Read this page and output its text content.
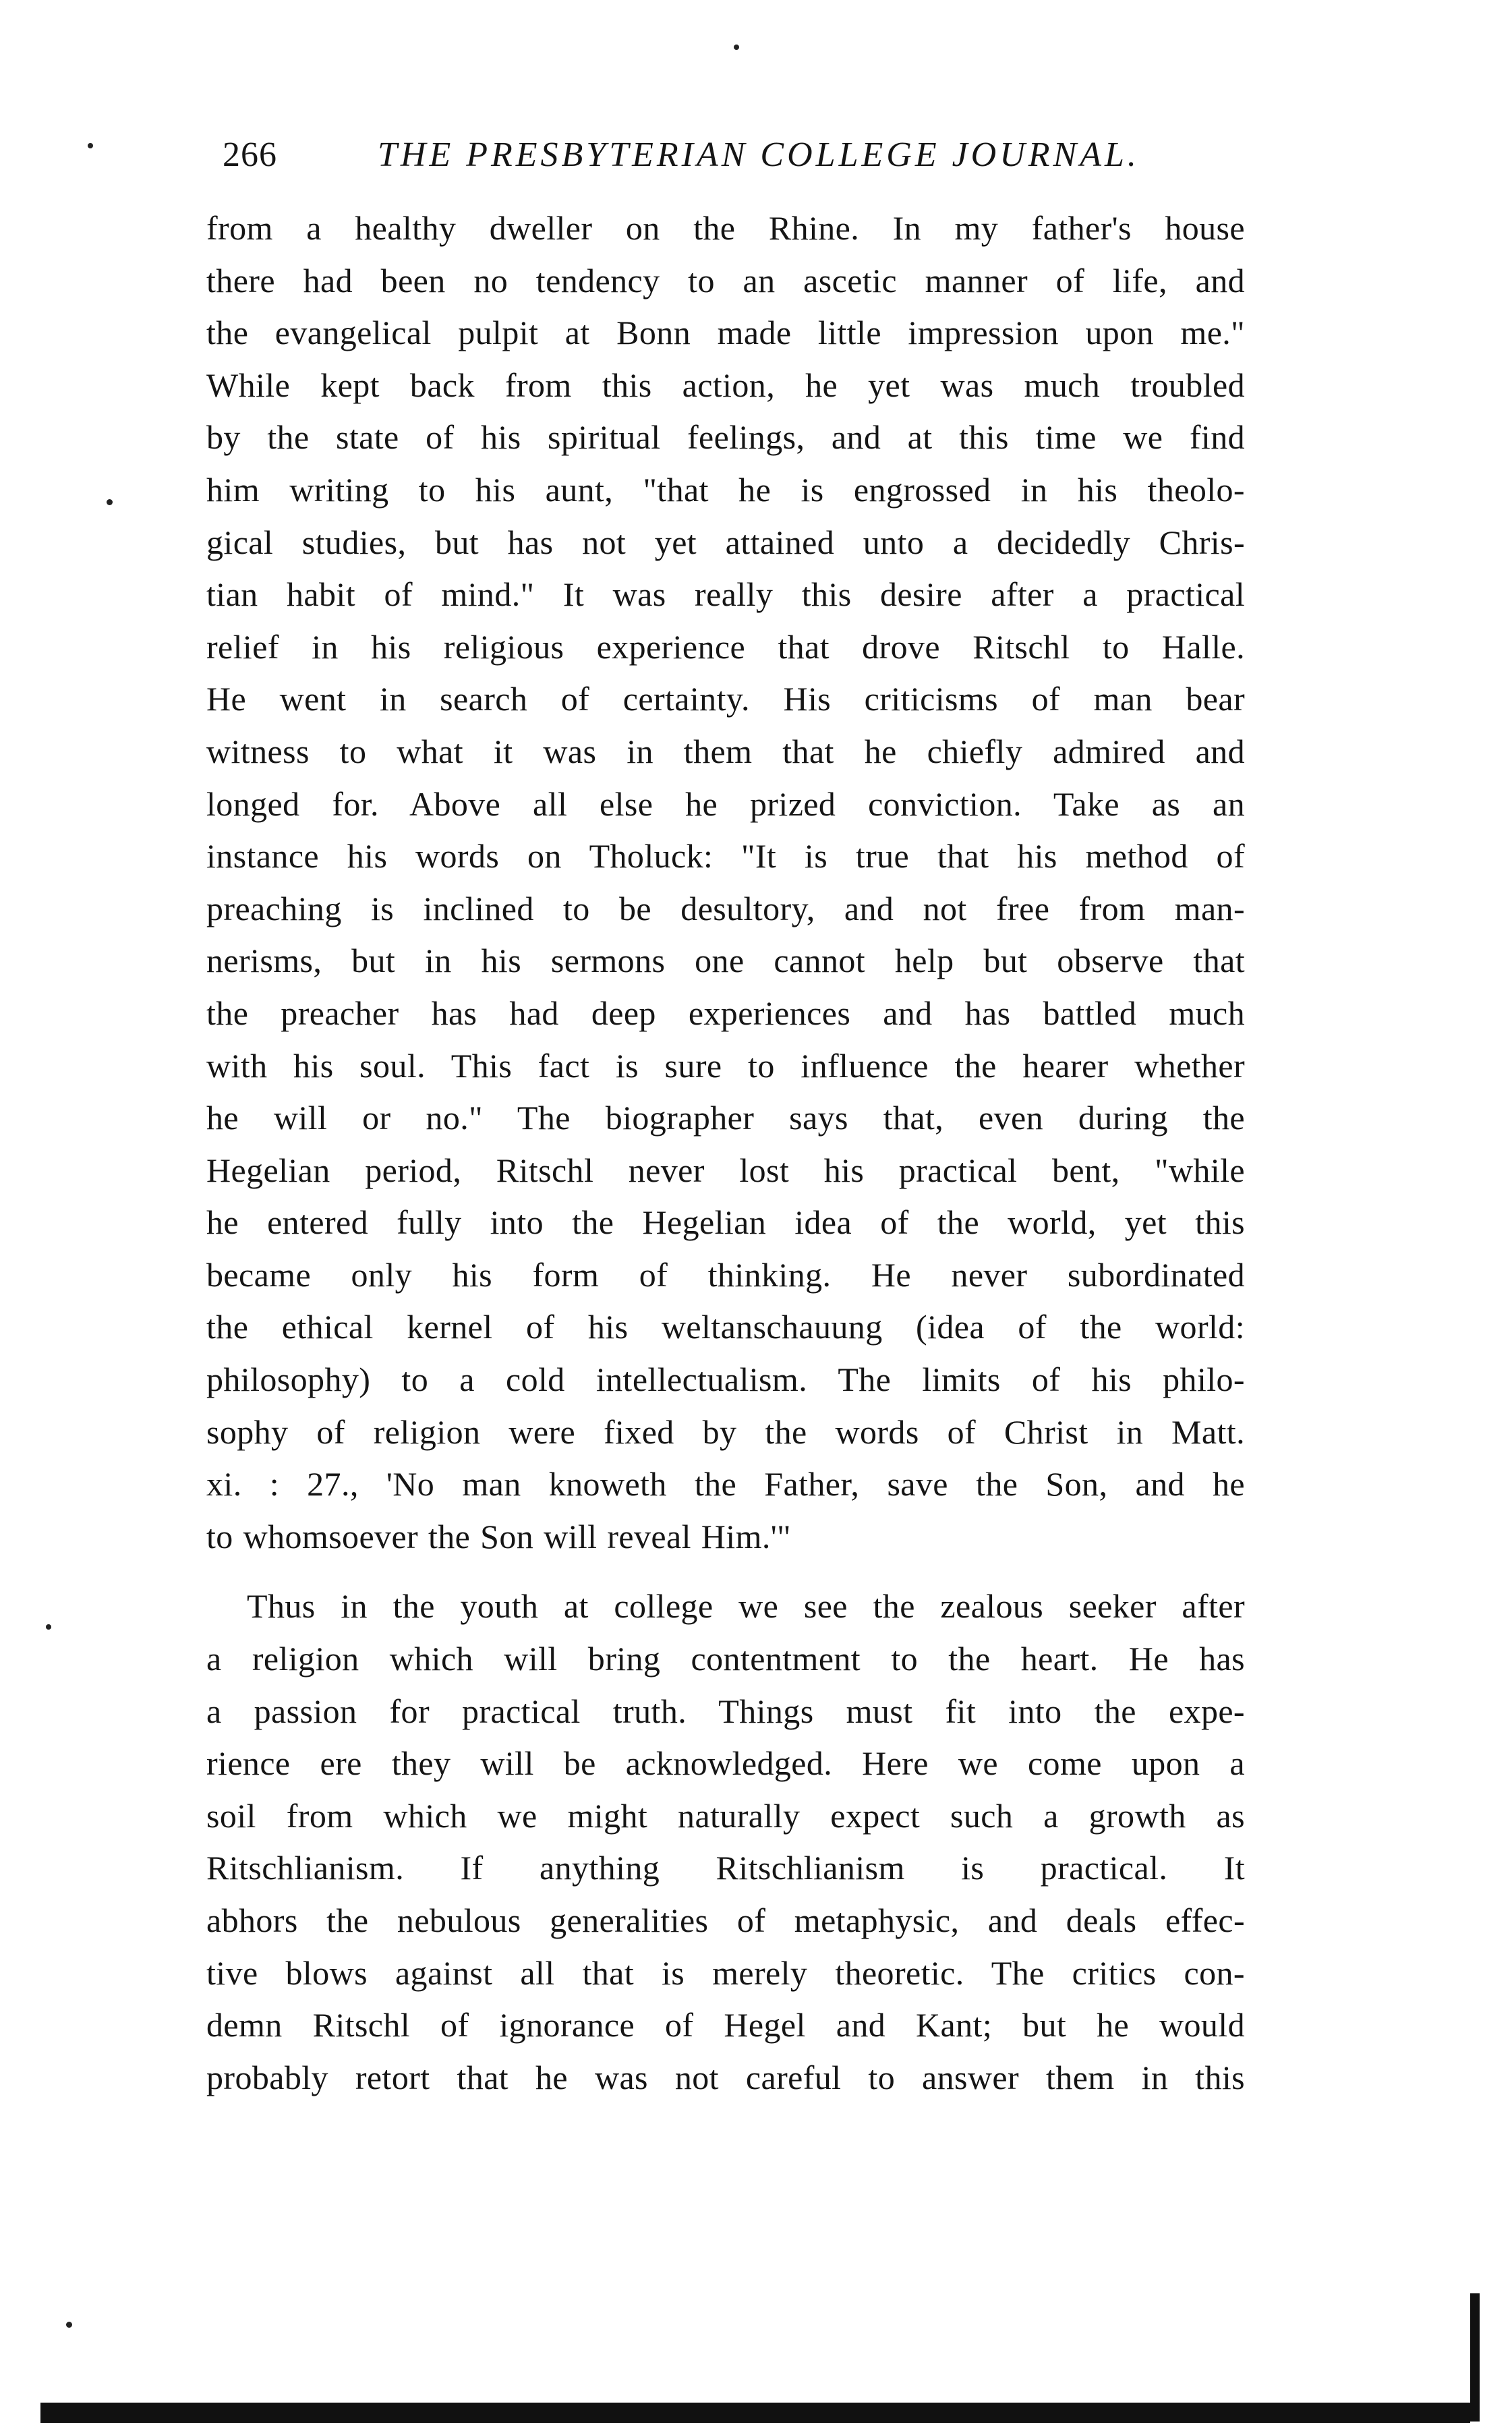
266	THE PRESBYTERIAN COLLEGE JOURNAL.
from a healthy dweller on the Rhine. In my father's house
there had been no tendency to an ascetic manner of life, and
the evangelical pulpit at Bonn made little impression upon me."
While kept back from this action, he yet was much troubled
by the state of his spiritual feelings, and at this time we find
him writing to his aunt, "that he is engrossed in his theolo-
gical studies, but has not yet attained unto a decidedly Chris-
tian habit of mind." It was really this desire after a practical
relief in his religious experience that drove Ritschl to Halle.
He went in search of certainty. His criticisms of man bear
witness to what it was in them that he chiefly admired and
longed for. Above all else he prized conviction. Take as an
instance his words on Tholuck: "It is true that his method of
preaching is inclined to be desultory, and not free from man-
nerisms, but in his sermons one cannot help but observe that
the preacher has had deep experiences and has battled much
with his soul. This fact is sure to influence the hearer whether
he will or no." The biographer says that, even during the
Hegelian period, Ritschl never lost his practical bent, "while
he entered fully into the Hegelian idea of the world, yet this
became only his form of thinking. He never subordinated
the ethical kernel of his weltanschauung (idea of the world:
philosophy) to a cold intellectualism. The limits of his philo-
sophy of religion were fixed by the words of Christ in Matt.
xi. : 27., 'No man knoweth the Father, save the Son, and he
to whomsoever the Son will reveal Him.'"
Thus in the youth at college we see the zealous seeker after
a religion which will bring contentment to the heart. He has
a passion for practical truth. Things must fit into the expe-
rience ere they will be acknowledged. Here we come upon a
soil from which we might naturally expect such a growth as
Ritschlianism. If anything Ritschlianism is practical. It
abhors the nebulous generalities of metaphysic, and deals effec-
tive blows against all that is merely theoretic. The critics con-
demn Ritschl of ignorance of Hegel and Kant; but he would
probably retort that he was not careful to answer them in this
